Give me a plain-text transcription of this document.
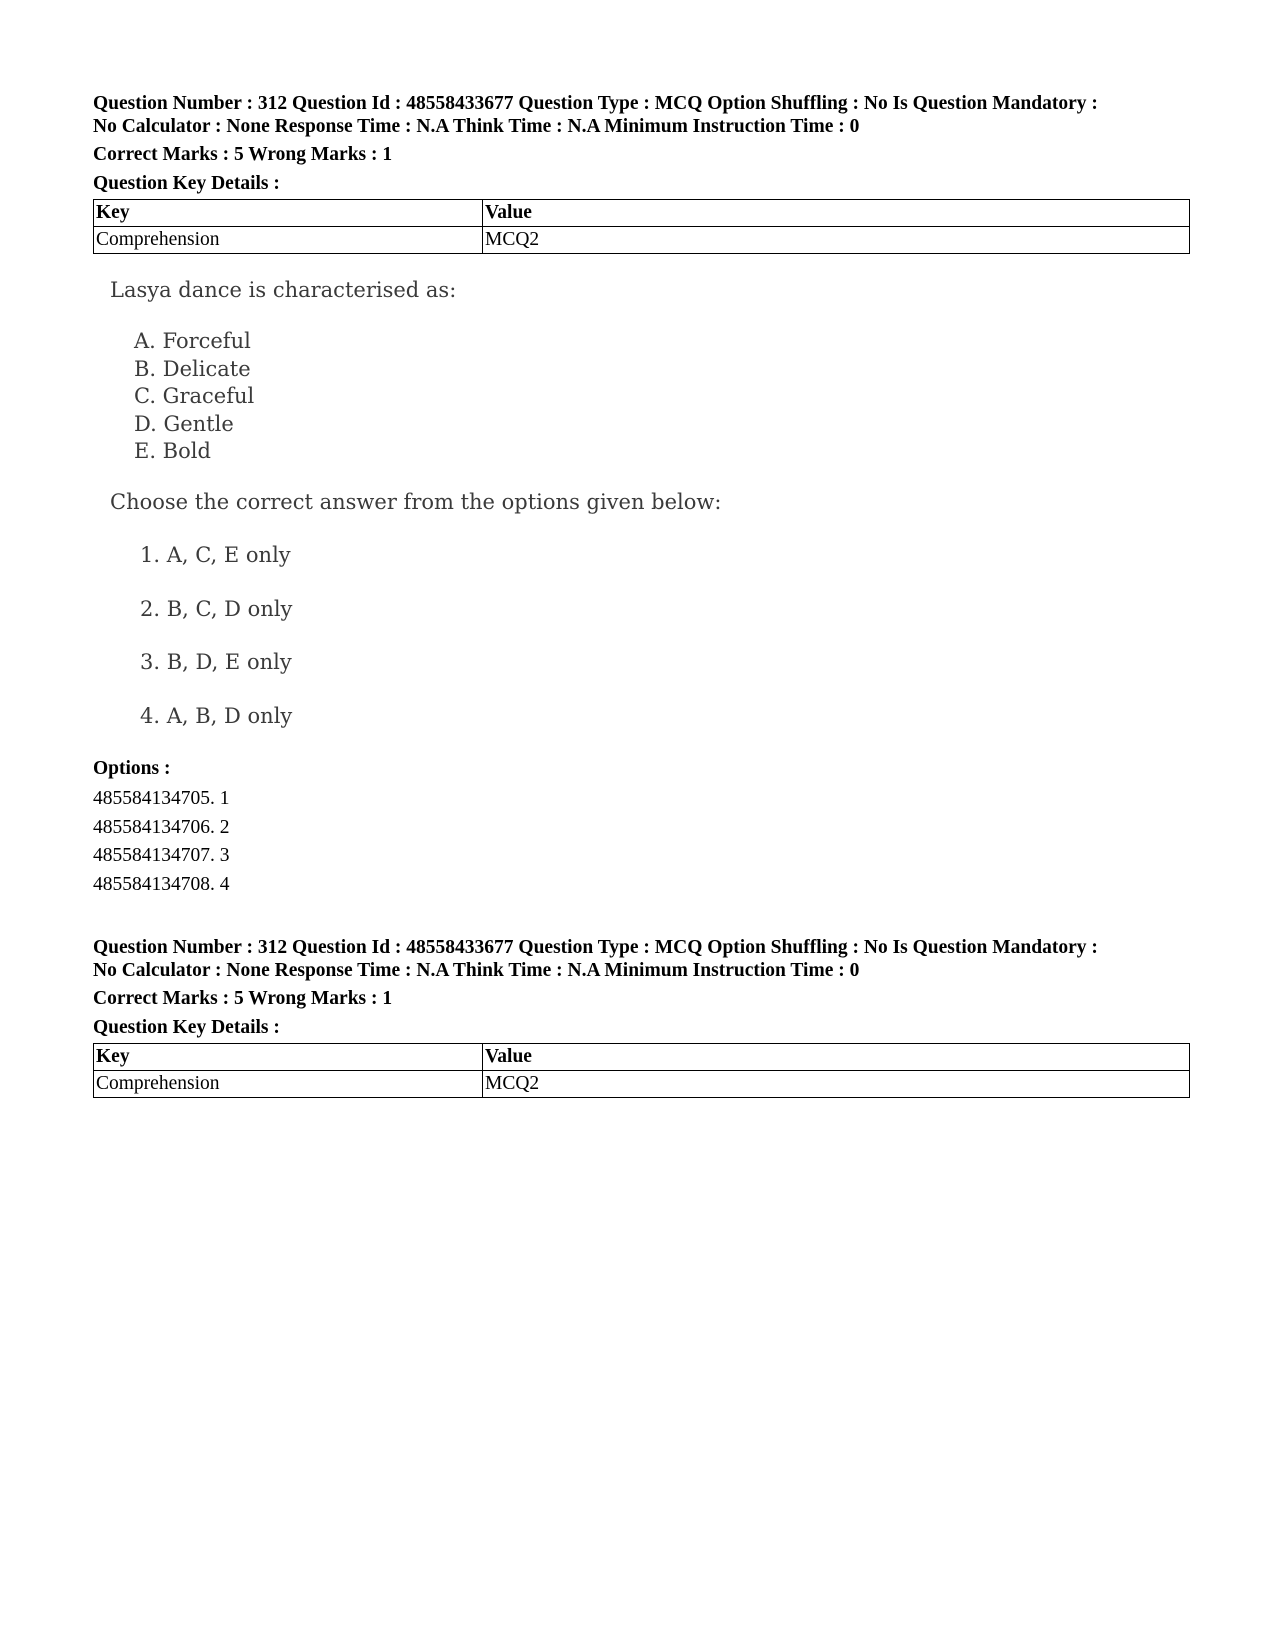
Question Number : 312 Question Id : 48558433677 Question Type : MCQ Option Shuffling : No Is Question Mandatory :

No Calculator : None Response Time : N.A Think Time : N.A Minimum Instruction Time : 0

Correct Marks : 5 Wrong Marks : 1
Question Key Details :
Key	Value
Comprehension	MCQ2
Lasya dance is characterised as:
A. Forceful
B. Delicate
C. Graceful
D. Gentle
E. Bold
Choose the correct answer from the options given below:
1. A, C, E only
2. B, C, D only
3. B, D, E only
4. A, B, D only
Options :
485584134705. 1
485584134706. 2
485584134707. 3
485584134708. 4

Question Number : 312 Question Id : 48558433677 Question Type : MCQ Option Shuffling : No Is Question Mandatory :

No Calculator : None Response Time : N.A Think Time : N.A Minimum Instruction Time : 0

Correct Marks : 5 Wrong Marks : 1
Question Key Details :
Key	Value
Comprehension	MCQ2
